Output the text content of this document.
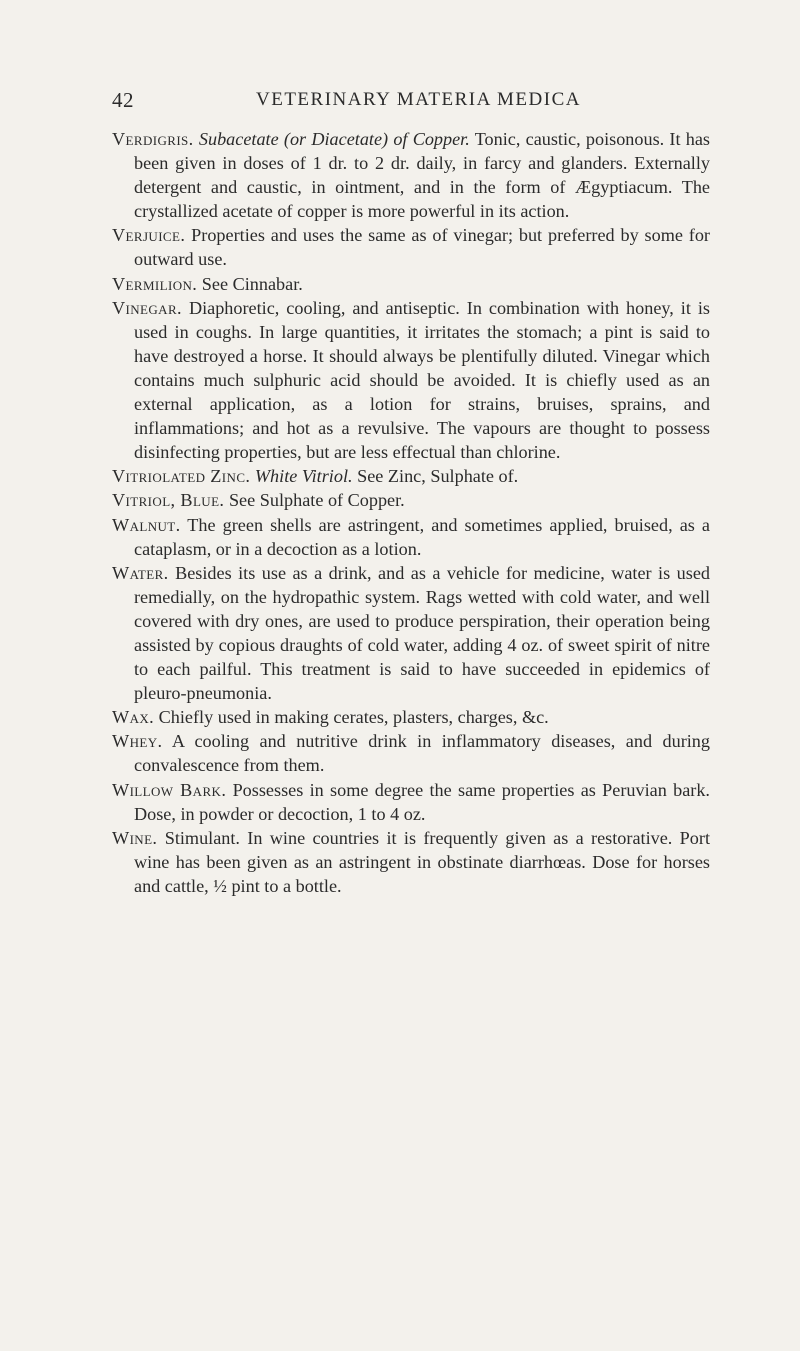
42	VETERINARY MATERIA MEDICA

Verdigris. Subacetate (or Diacetate) of Copper. Tonic, caustic, poisonous. It has been given in doses of 1 dr. to 2 dr. daily, in farcy and glanders. Externally detergent and caustic, in ointment, and in the form of Ægyptiacum. The crystallized acetate of copper is more powerful in its action.

Verjuice. Properties and uses the same as of vinegar; but preferred by some for outward use.

Vermilion. See Cinnabar.

Vinegar. Diaphoretic, cooling, and antiseptic. In combination with honey, it is used in coughs. In large quantities, it irritates the stomach; a pint is said to have destroyed a horse. It should always be plentifully diluted. Vinegar which contains much sulphuric acid should be avoided. It is chiefly used as an external application, as a lotion for strains, bruises, sprains, and inflammations; and hot as a revulsive. The vapours are thought to possess disinfecting properties, but are less effectual than chlorine.

Vitriolated Zinc. White Vitriol. See Zinc, Sulphate of.

Vitriol, Blue. See Sulphate of Copper.

Walnut. The green shells are astringent, and sometimes applied, bruised, as a cataplasm, or in a decoction as a lotion.

Water. Besides its use as a drink, and as a vehicle for medicine, water is used remedially, on the hydropathic system. Rags wetted with cold water, and well covered with dry ones, are used to produce perspiration, their operation being assisted by copious draughts of cold water, adding 4 oz. of sweet spirit of nitre to each pailful. This treatment is said to have succeeded in epidemics of pleuro-pneumonia.

Wax. Chiefly used in making cerates, plasters, charges, &c.

Whey. A cooling and nutritive drink in inflammatory diseases, and during convalescence from them.

Willow Bark. Possesses in some degree the same properties as Peruvian bark. Dose, in powder or decoction, 1 to 4 oz.

Wine. Stimulant. In wine countries it is frequently given as a restorative. Port wine has been given as an astringent in obstinate diarrhœas. Dose for horses and cattle, ½ pint to a bottle.
